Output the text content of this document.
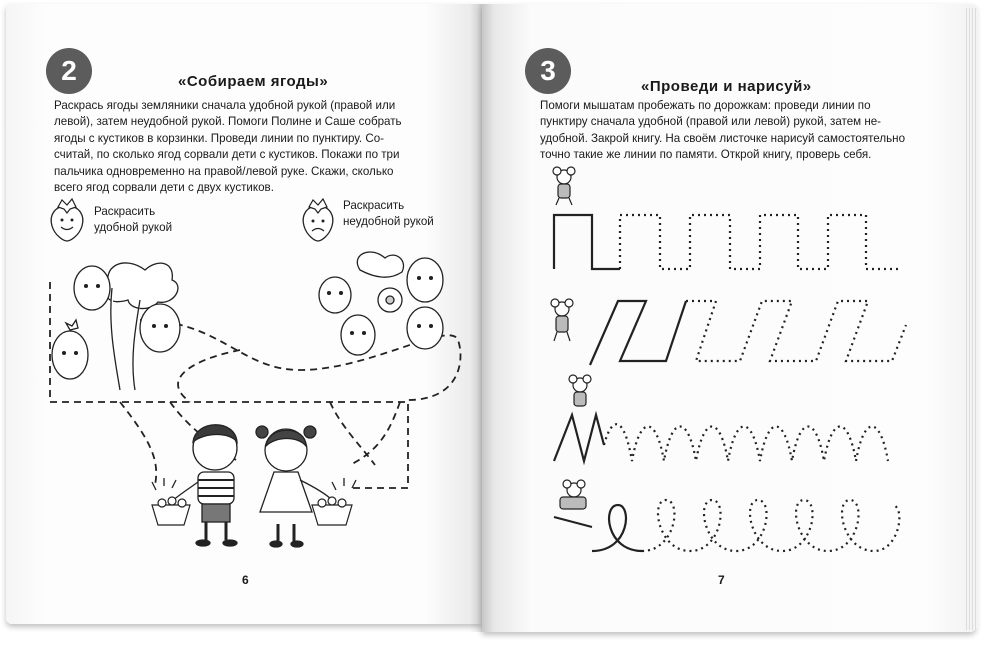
2	«Собираем ягоды»
Раскрась ягоды земляники сначала удобной рукой (правой или
левой), затем неудобной рукой. Помоги Полине и Саше собрать
ягоды с кустиков в корзинки. Проведи линии по пунктиру. Со-
считай, по сколько ягод сорвали дети с кустиков. Покажи по три
пальчика одновременно на правой/левой руке. Скажи, сколько
всего ягод сорвали дети с двух кустиков.
Раскрасить
удобной рукой
Раскрасить
неудобной рукой
6
3
«Проведи и нарисуй»
Помоги мышатам пробежать по дорожкам: проведи линии по
пунктиру сначала удобной (правой или левой) рукой, затем не-
удобной. Закрой книгу. На своём листочке нарисуй самостоятельно
точно такие же линии по памяти. Открой книгу, проверь себя.
7
